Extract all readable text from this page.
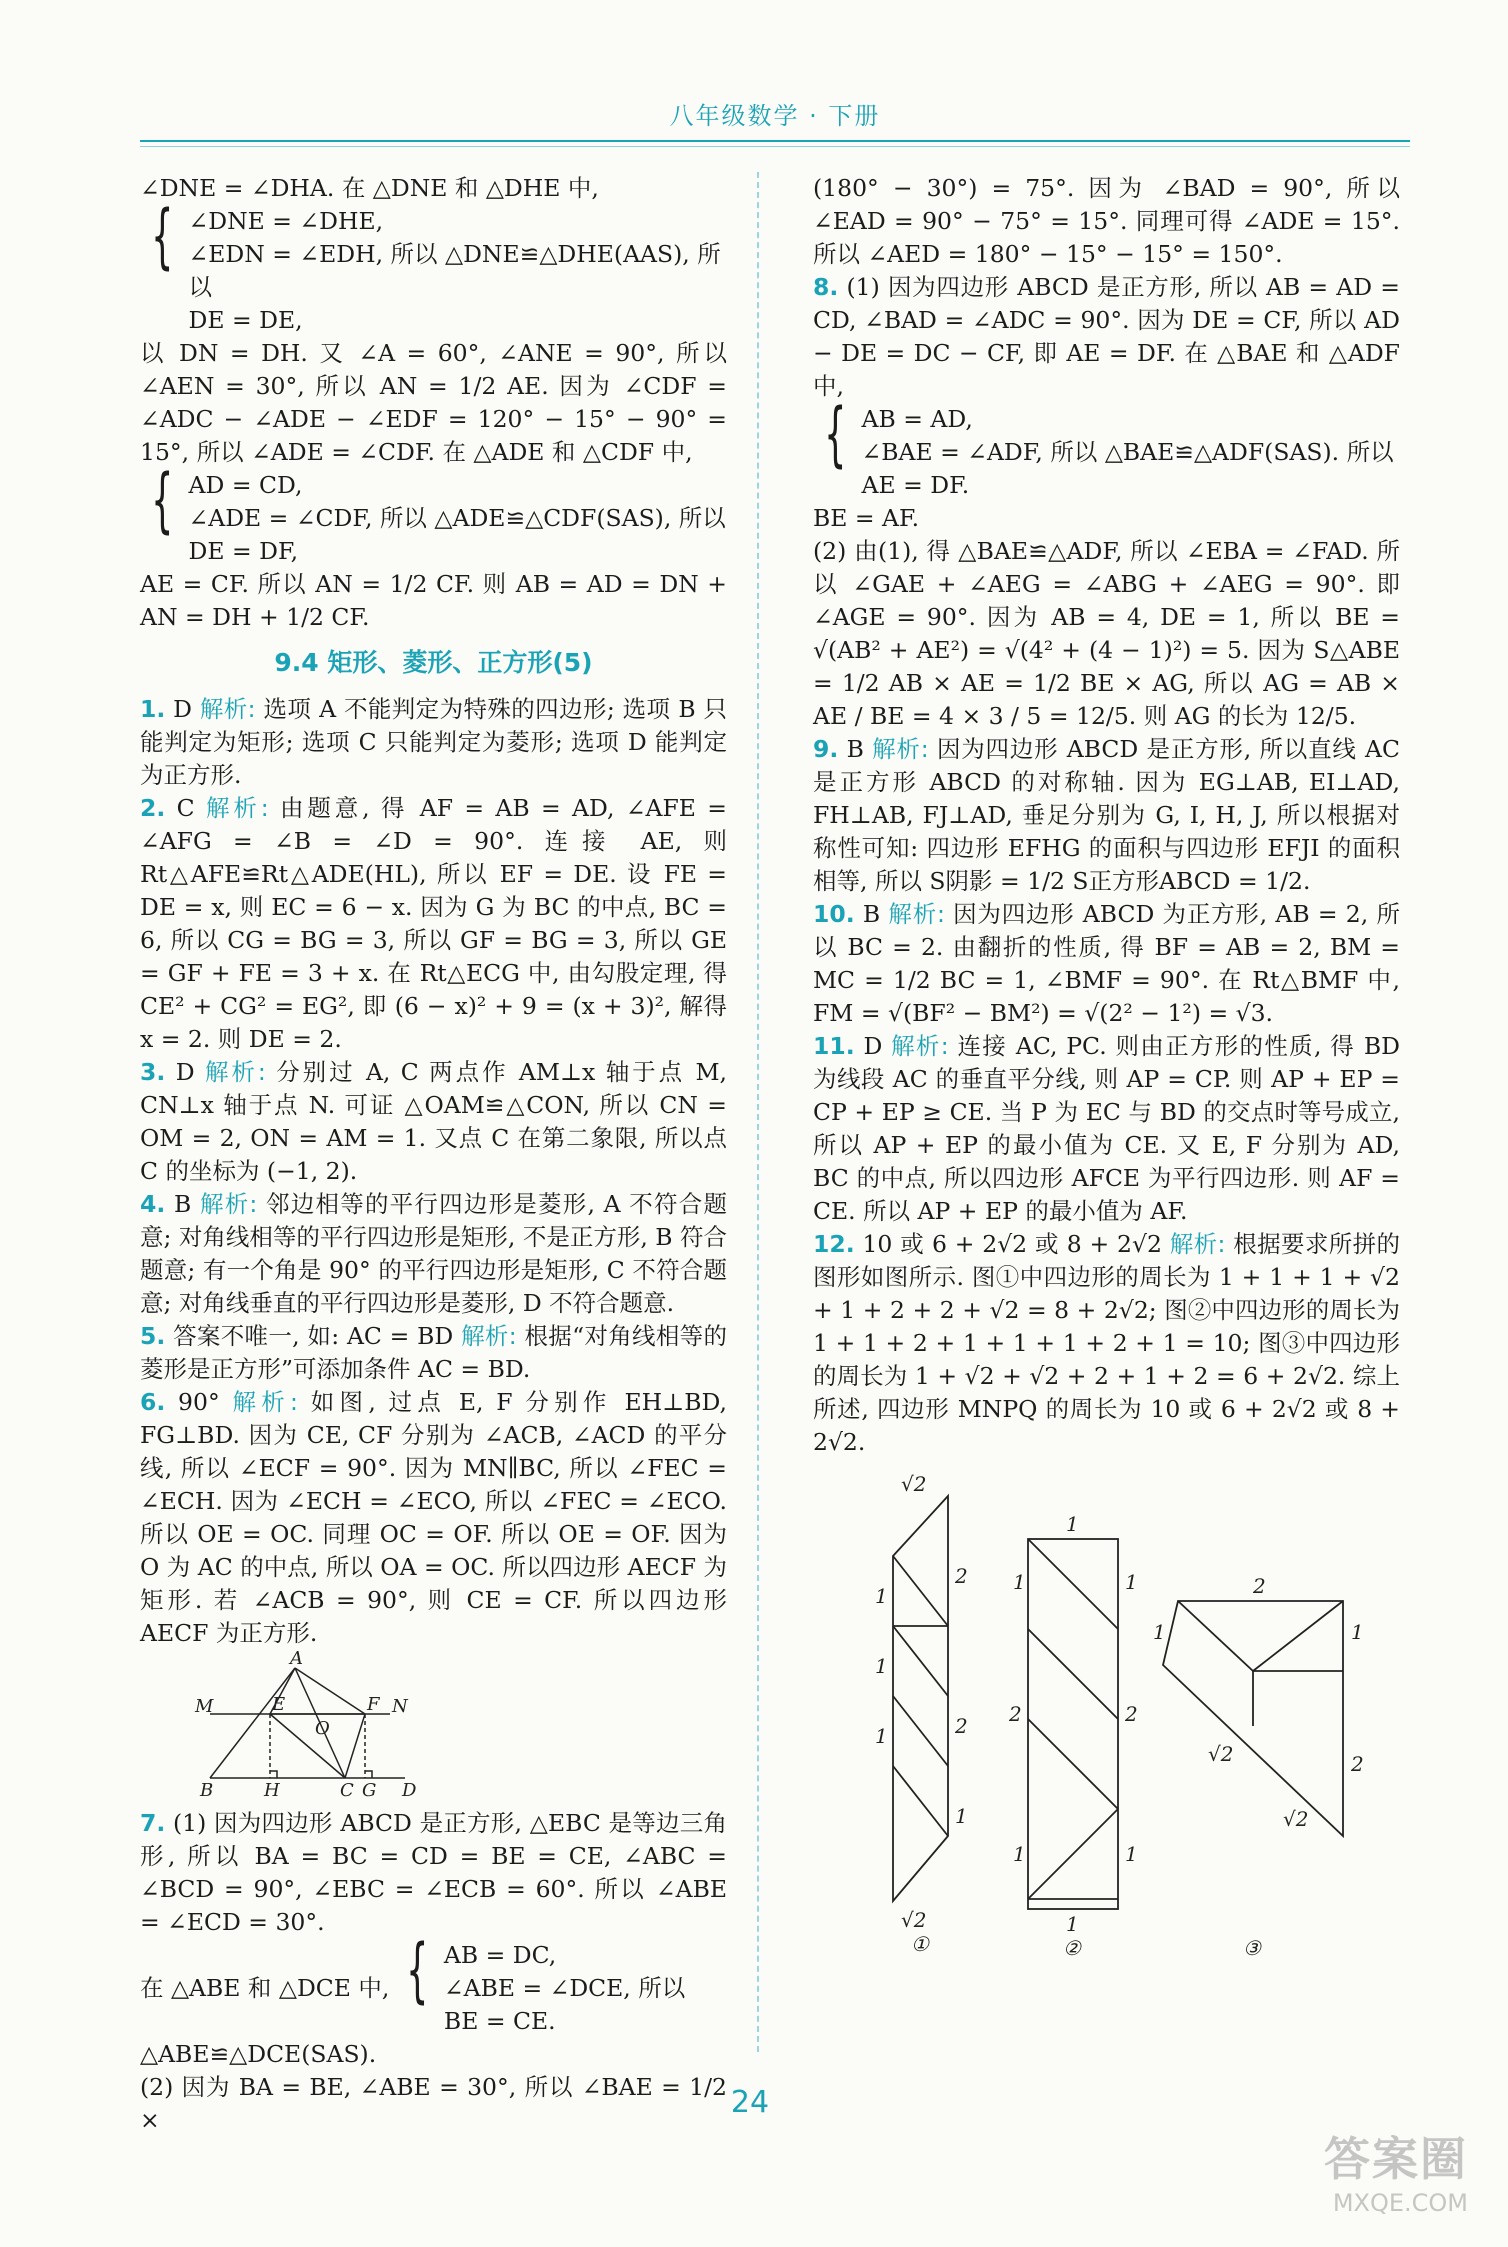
八年级数学 · 下册

∠DNE = ∠DHA. 在 △DNE 和 △DHE 中,

{ ∠DNE = ∠DHE,
∠EDN = ∠EDH, 所以 △DNE≌△DHE(AAS), 所以
DE = DE,

以 DN = DH. 又 ∠A = 60°, ∠ANE = 90°, 所以 ∠AEN = 30°, 所以 AN = 1/2 AE. 因为 ∠CDF = ∠ADC − ∠ADE − ∠EDF = 120° − 15° − 90° = 15°, 所以 ∠ADE = ∠CDF. 在 △ADE 和 △CDF 中,

{ AD = CD,
∠ADE = ∠CDF, 所以 △ADE≌△CDF(SAS), 所以
DE = DF,

AE = CF. 所以 AN = 1/2 CF. 则 AB = AD = DN + AN = DH + 1/2 CF.

9.4 矩形、菱形、正方形(5)

1. D 解析: 选项 A 不能判定为特殊的四边形; 选项 B 只能判定为矩形; 选项 C 只能判定为菱形; 选项 D 能判定为正方形.

2. C 解析: 由题意, 得 AF = AB = AD, ∠AFE = ∠AFG = ∠B = ∠D = 90°. 连接 AE, 则 Rt△AFE≌Rt△ADE(HL), 所以 EF = DE. 设 FE = DE = x, 则 EC = 6 − x. 因为 G 为 BC 的中点, BC = 6, 所以 CG = BG = 3, 所以 GF = BG = 3, 所以 GE = GF + FE = 3 + x. 在 Rt△ECG 中, 由勾股定理, 得 CE² + CG² = EG², 即 (6 − x)² + 9 = (x + 3)², 解得 x = 2. 则 DE = 2.

3. D 解析: 分别过 A, C 两点作 AM⊥x 轴于点 M, CN⊥x 轴于点 N. 可证 △OAM≌△CON, 所以 CN = OM = 2, ON = AM = 1. 又点 C 在第二象限, 所以点 C 的坐标为 (−1, 2).

4. B 解析: 邻边相等的平行四边形是菱形, A 不符合题意; 对角线相等的平行四边形是矩形, 不是正方形, B 符合题意; 有一个角是 90° 的平行四边形是矩形, C 不符合题意; 对角线垂直的平行四边形是菱形, D 不符合题意.

5. 答案不唯一, 如: AC = BD 解析: 根据“对角线相等的菱形是正方形”可添加条件 AC = BD.

6. 90° 解析: 如图, 过点 E, F 分别作 EH⊥BD, FG⊥BD. 因为 CE, CF 分别为 ∠ACB, ∠ACD 的平分线, 所以 ∠ECF = 90°. 因为 MN∥BC, 所以 ∠FEC = ∠ECH. 因为 ∠ECH = ∠ECO, 所以 ∠FEC = ∠ECO. 所以 OE = OC. 同理 OC = OF. 所以 OE = OF. 因为 O 为 AC 的中点, 所以 OA = OC. 所以四边形 AECF 为矩形. 若 ∠ACB = 90°, 则 CE = CF. 所以四边形 AECF 为正方形.

A
M	E	F N
O
B	H	C G D

7. (1) 因为四边形 ABCD 是正方形, △EBC 是等边三角形, 所以 BA = BC = CD = BE = CE, ∠ABC = ∠BCD = 90°, ∠EBC = ∠ECB = 60°. 所以 ∠ABE = ∠ECD = 30°.

在 △ABE 和 △DCE 中, { AB = DC,
∠ABE = ∠DCE, 所以
BE = CE.

△ABE≌△DCE(SAS).

(2) 因为 BA = BE, ∠ABE = 30°, 所以 ∠BAE = 1/2 ×

(180° − 30°) = 75°. 因为 ∠BAD = 90°, 所以 ∠EAD = 90° − 75° = 15°. 同理可得 ∠ADE = 15°. 所以 ∠AED = 180° − 15° − 15° = 150°.

8. (1) 因为四边形 ABCD 是正方形, 所以 AB = AD = CD, ∠BAD = ∠ADC = 90°. 因为 DE = CF, 所以 AD − DE = DC − CF, 即 AE = DF. 在 △BAE 和 △ADF 中,

{ AB = AD,
∠BAE = ∠ADF, 所以 △BAE≌△ADF(SAS). 所以
AE = DF.

BE = AF.

(2) 由(1), 得 △BAE≌△ADF, 所以 ∠EBA = ∠FAD. 所以 ∠GAE + ∠AEG = ∠ABG + ∠AEG = 90°. 即 ∠AGE = 90°. 因为 AB = 4, DE = 1, 所以 BE = √(AB² + AE²) = √(4² + (4 − 1)²) = 5. 因为 S△ABE = 1/2 AB × AE = 1/2 BE × AG, 所以 AG = AB × AE / BE = 4 × 3 / 5 = 12/5. 则 AG 的长为 12/5.

9. B 解析: 因为四边形 ABCD 是正方形, 所以直线 AC 是正方形 ABCD 的对称轴. 因为 EG⊥AB, EI⊥AD, FH⊥AB, FJ⊥AD, 垂足分别为 G, I, H, J, 所以根据对称性可知: 四边形 EFHG 的面积与四边形 EFJI 的面积相等, 所以 S阴影 = 1/2 S正方形ABCD = 1/2.

10. B 解析: 因为四边形 ABCD 为正方形, AB = 2, 所以 BC = 2. 由翻折的性质, 得 BF = AB = 2, BM = MC = 1/2 BC = 1, ∠BMF = 90°. 在 Rt△BMF 中, FM = √(BF² − BM²) = √(2² − 1²) = √3.

11. D 解析: 连接 AC, PC. 则由正方形的性质, 得 BD 为线段 AC 的垂直平分线, 则 AP = CP. 则 AP + EP = CP + EP ≥ CE. 当 P 为 EC 与 BD 的交点时等号成立, 所以 AP + EP 的最小值为 CE. 又 E, F 分别为 AD, BC 的中点, 所以四边形 AFCE 为平行四边形. 则 AF = CE. 所以 AP + EP 的最小值为 AF.

12. 10 或 6 + 2√2 或 8 + 2√2 解析: 根据要求所拼的图形如图所示. 图①中四边形的周长为 1 + 1 + 1 + √2 + 1 + 2 + 2 + √2 = 8 + 2√2; 图②中四边形的周长为 1 + 1 + 2 + 1 + 1 + 1 + 2 + 1 = 10; 图③中四边形的周长为 1 + √2 + √2 + 2 + 1 + 2 = 6 + 2√2. 综上所述, 四边形 MNPQ 的周长为 10 或 6 + 2√2 或 8 + 2√2.

√2
2
1
1
1	2
1
√2
①
1
1
2
1
1
2
1
1
②
2
1	1
√2
√2
2
③
24
答案圈
MXQE.COM
